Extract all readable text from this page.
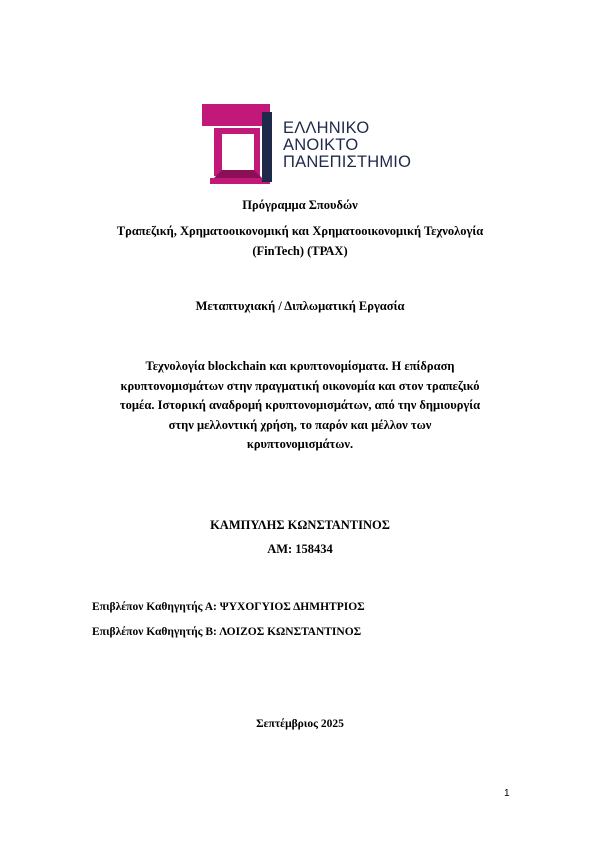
ΕΛΛΗΝΙΚΟ
ΑΝΟΙΚΤΟ
ΠΑΝΕΠΙΣΤΗΜΙΟ
Πρόγραμμα Σπουδών
Τραπεζική, Χρηματοοικονομική και Χρηματοοικονομική Τεχνολογία
(FinTech) (ΤΡΑΧ)
Μεταπτυχιακή / Διπλωματική Εργασία
Τεχνολογία blockchain και κρυπτονομίσματα. Η επίδραση
κρυπτονομισμάτων στην πραγματική οικονομία και στον τραπεζικό
τομέα. Ιστορική αναδρομή κρυπτονομισμάτων, από την δημιουργία
στην μελλοντική χρήση, το παρόν και μέλλον των
κρυπτονομισμάτων.
ΚΑΜΠΥΛΗΣ ΚΩΝΣΤΑΝΤΙΝΟΣ
ΑΜ: 158434
Επιβλέπον Καθηγητής Α: ΨΥΧΟΓΥΙΟΣ ΔΗΜΗΤΡΙΟΣ
Επιβλέπον Καθηγητής Β: ΛΟΙΖΟΣ ΚΩΝΣΤΑΝΤΙΝΟΣ
Σεπτέμβριος 2025
1
